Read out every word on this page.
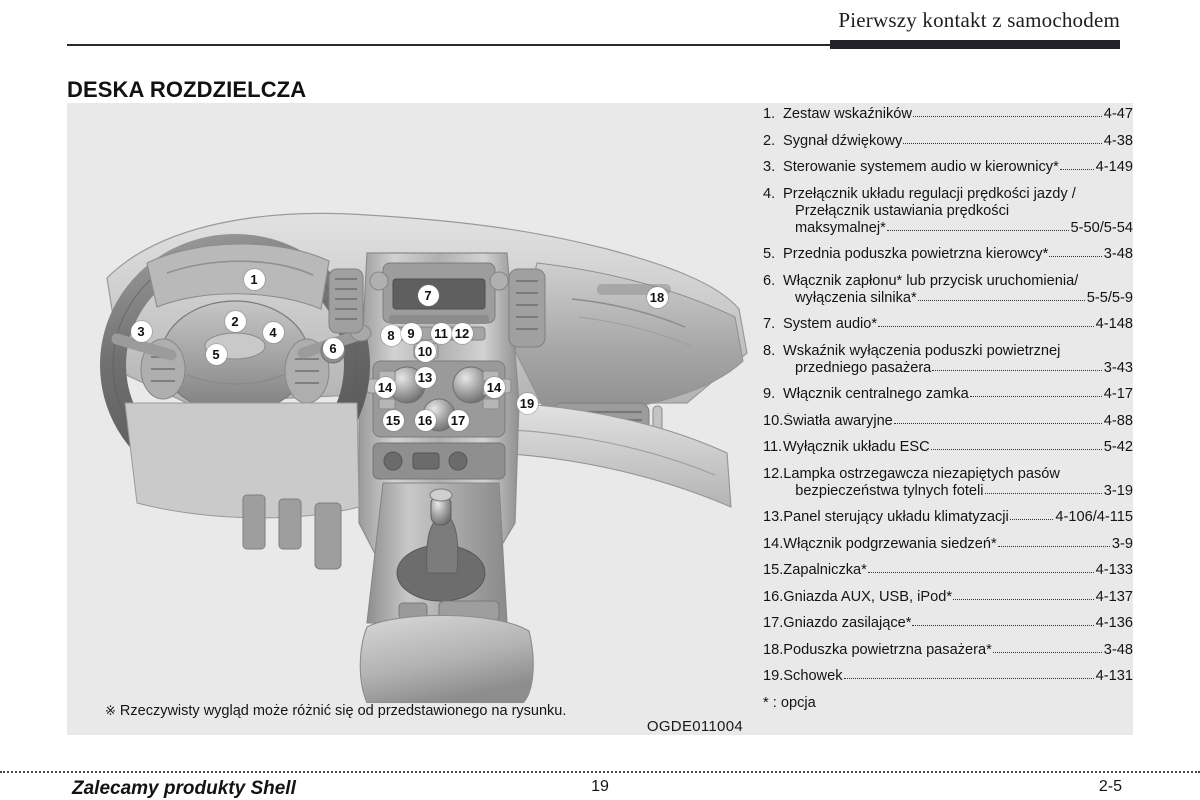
Pierwszy kontakt z samochodem
DESKA ROZDZIELCZA
1
2
3	4
5	6
7
8 9
10
11 12
13
14	14
15 16 17
18
19
※ Rzeczywisty wygląd może różnić się od przedstawionego na rysunku.
OGDE011004
1. Zestaw wskaźników	4-47
2. Sygnał dźwiękowy	4-38
3. Sterowanie systemem audio w kierownicy*	4-149
4. Przełącznik układu regulacji prędkości jazdy /
Przełącznik ustawiania prędkości
maksymalnej*	5-50/5-54
5. Przednia poduszka powietrzna kierowcy*	3-48
6. Włącznik zapłonu* lub przycisk uruchomienia/
wyłączenia silnika*	5-5/5-9
7. System audio*	4-148
8. Wskaźnik wyłączenia poduszki powietrznej
przedniego pasażera	3-43
9. Włącznik centralnego zamka	4-17
10. Światła awaryjne	4-88
11. Wyłącznik układu ESC	5-42
12. Lampka ostrzegawcza niezapiętych pasów
bezpieczeństwa tylnych foteli	3-19
13. Panel sterujący układu klimatyzacji	4-106/4-115
14. Włącznik podgrzewania siedzeń*	3-9
15. Zapalniczka*	4-133
16. Gniazda AUX, USB, iPod*	4-137
17. Gniazdo zasilające*	4-136
18. Poduszka powietrzna pasażera*	3-48
19. Schowek	4-131
* : opcja
Zalecamy produkty Shell	19	2-5
